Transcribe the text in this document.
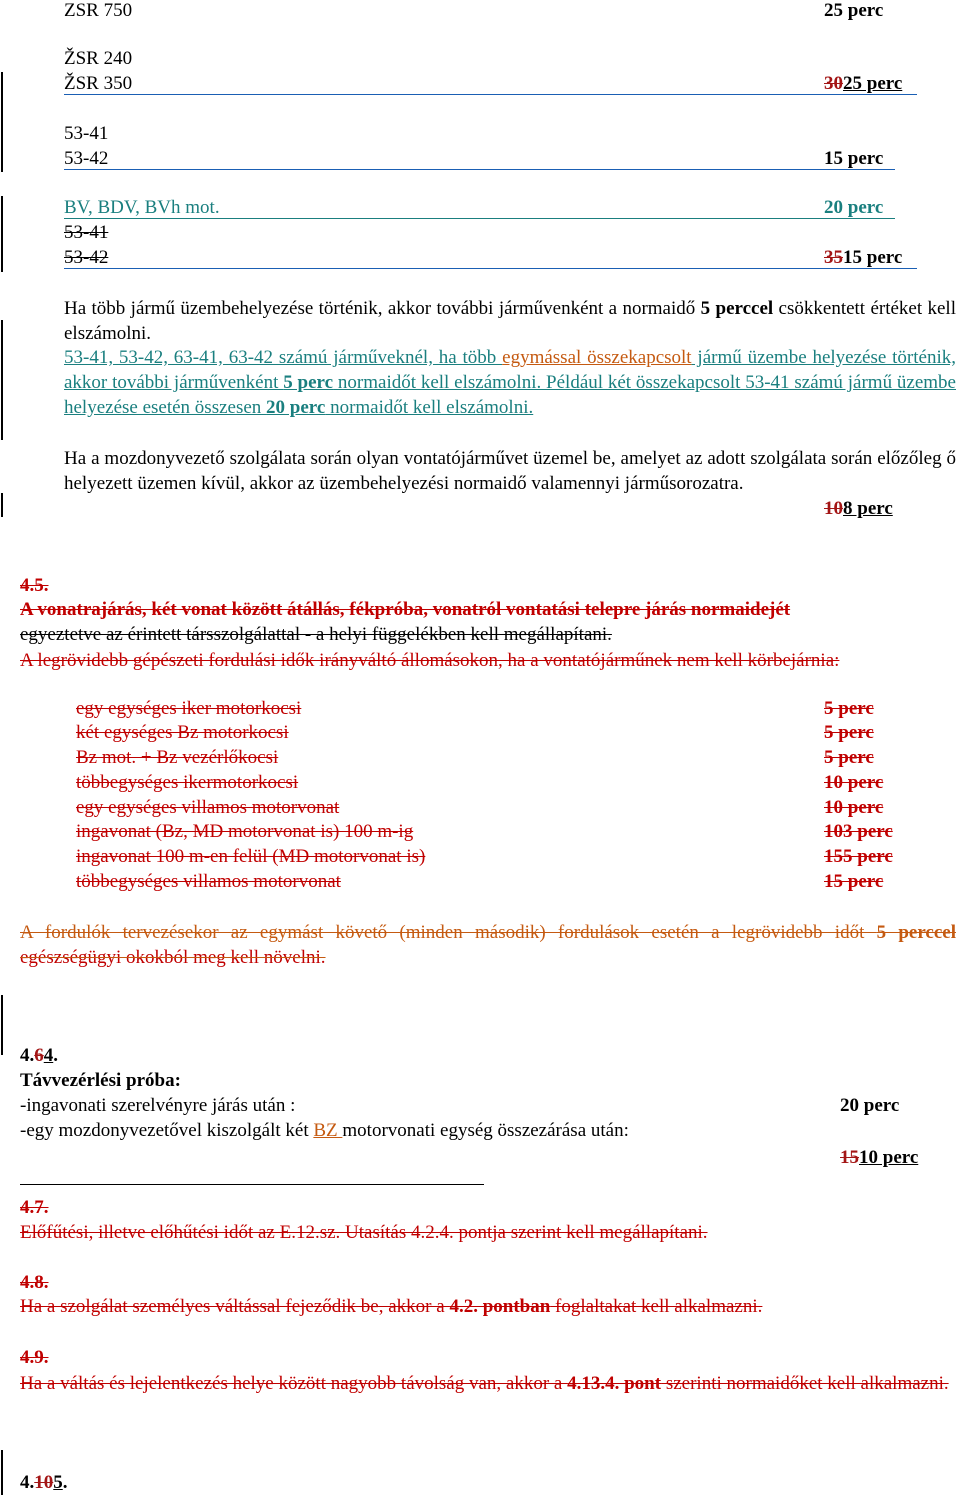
ZSR 750	25 perc
ŽSR 240
ŽSR 350	3025 perc
53-41
53-42	15 perc
BV, BDV, BVh mot.	20 perc
53-41
53-42	3515 perc
Ha több jármű üzembehelyezése történik, akkor további járművenként a normaidő 5 perccel csökkentett értéket kell elszámolni.
53-41, 53-42, 63-41, 63-42 számú járműveknél, ha több egymással összekapcsolt jármű üzembe helyezése történik, akkor további járművenként 5 perc normaidőt kell elszámolni. Például két összekapcsolt 53-41 számú jármű üzembe helyezése esetén összesen 20 perc normaidőt kell elszámolni.
Ha a mozdonyvezető szolgálata során olyan vontatójárművet üzemel be, amelyet az adott szolgálata során előzőleg ő helyezett üzemen kívül, akkor az üzembehelyezési normaidő valamennyi járműsorozatra.
108 perc
4.5.
A vonatrajárás, két vonat között átállás, fékpróba, vonatról vontatási telepre járás normaidejét
egyeztetve az érintett társszolgálattal - a helyi függelékben kell megállapítani.
A legrövidebb gépészeti fordulási idők irányváltó állomásokon, ha a vontatójárműnek nem kell körbejárnia:
egy egységes iker motorkocsi	5 perc
két egységes Bz motorkocsi	5 perc
Bz mot. + Bz vezérlőkocsi	5 perc
többegységes ikermotorkocsi	10 perc
egy egységes villamos motorvonat	10 perc
ingavonat (Bz, MD motorvonat is) 100 m-ig	103 perc
ingavonat 100 m-en felül (MD motorvonat is)	155 perc
többegységes villamos motorvonat	15 perc
A fordulók tervezésekor az egymást követő (minden második) fordulások esetén a legrövidebb időt 5 perccel egészségügyi okokból meg kell növelni.
4.64.
Távvezérlési próba:
-ingavonati szerelvényre járás után :	20 perc
-egy mozdonyvezetővel kiszolgált két BZ motorvonati egység összezárása után:
1510 perc
4.7.
Előfűtési, illetve előhűtési időt az E.12.sz. Utasítás 4.2.4. pontja szerint kell megállapítani.
4.8.
Ha a szolgálat személyes váltással fejeződik be, akkor a 4.2. pontban foglaltakat kell alkalmazni.
4.9.
Ha a váltás és lejelentkezés helye között nagyobb távolság van, akkor a 4.13.4. pont szerinti normaidőket kell alkalmazni.
4.105.
